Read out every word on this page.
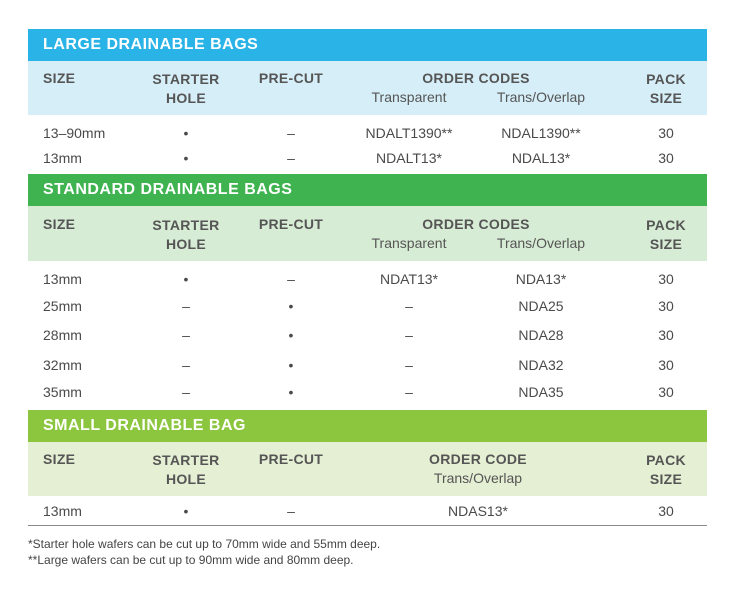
LARGE DRAINABLE BAGS
SIZE	STARTER
HOLE
PRE-CUT	ORDER CODES
Transparent	Trans/Overlap
PACK
SIZE
13–90mm	•	–	NDALT1390**	NDAL1390**	30
13mm	•	–	NDALT13*	NDAL13*	30
STANDARD DRAINABLE BAGS
SIZE	STARTER
HOLE
PRE-CUT	ORDER CODES
Transparent	Trans/Overlap
PACK
SIZE
13mm	•	–	NDAT13*	NDA13*	30
25mm	–	•	–	NDA25	30
28mm	–	•	–	NDA28	30
32mm	–	•	–	NDA32	30
35mm	–	•	–	NDA35	30
SMALL DRAINABLE BAG
SIZE	STARTER
HOLE
PRE-CUT	ORDER CODE
Trans/Overlap
PACK
SIZE
13mm	•	–	NDAS13*	30
*Starter hole wafers can be cut up to 70mm wide and 55mm deep.
**Large wafers can be cut up to 90mm wide and 80mm deep.
